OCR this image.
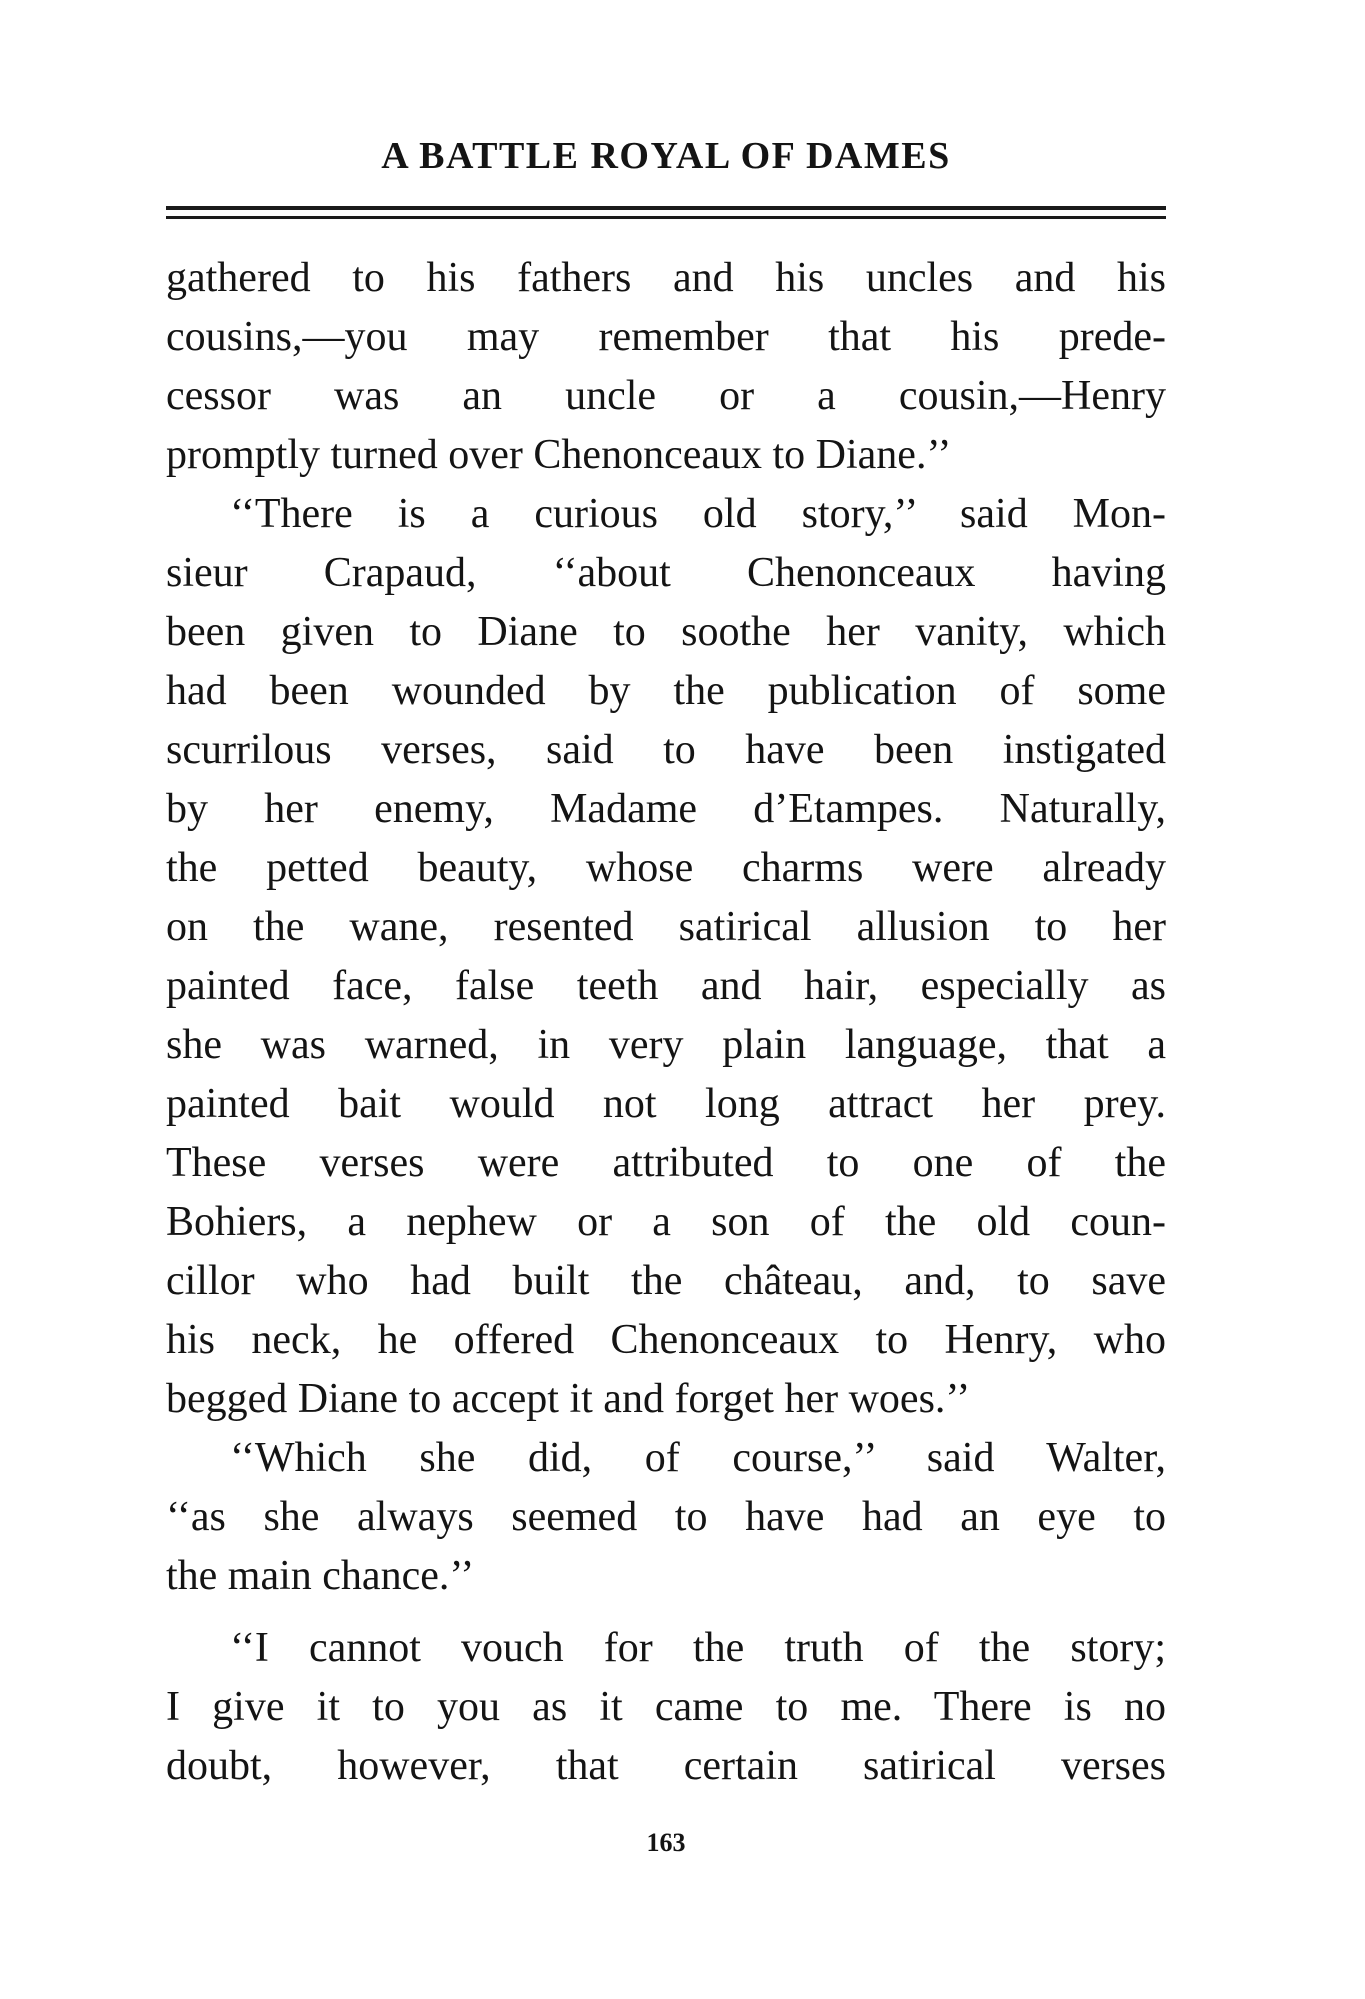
A BATTLE ROYAL OF DAMES
gathered to his fathers and his uncles and his
cousins,—you may remember that his prede-
cessor was an uncle or a cousin,—Henry
promptly turned over Chenonceaux to Diane.’’
‘‘There is a curious old story,’’ said Mon-
sieur Crapaud, ‘‘about Chenonceaux having
been given to Diane to soothe her vanity, which
had been wounded by the publication of some
scurrilous verses, said to have been instigated
by her enemy, Madame d’Etampes. Naturally,
the petted beauty, whose charms were already
on the wane, resented satirical allusion to her
painted face, false teeth and hair, especially as
she was warned, in very plain language, that a
painted bait would not long attract her prey.
These verses were attributed to one of the
Bohiers, a nephew or a son of the old coun-
cillor who had built the château, and, to save
his neck, he offered Chenonceaux to Henry, who
begged Diane to accept it and forget her woes.’’
‘‘Which she did, of course,’’ said Walter,
‘‘as she always seemed to have had an eye to
the main chance.’’
‘‘I cannot vouch for the truth of the story;
I give it to you as it came to me. There is no
doubt, however, that certain satirical verses
163
